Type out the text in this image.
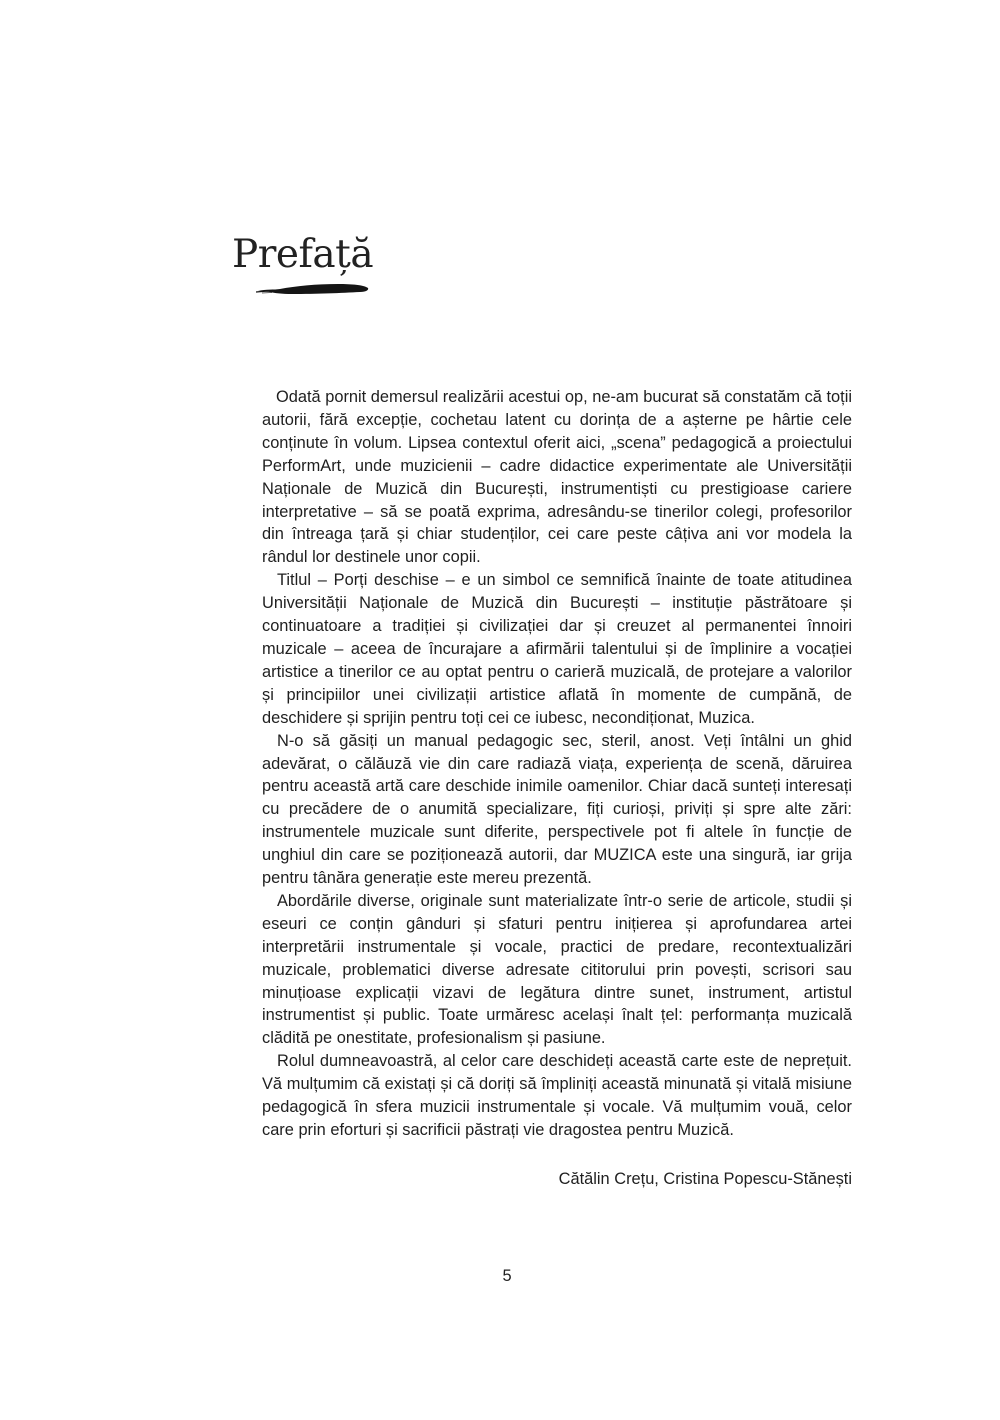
Prefață

Odată pornit demersul realizării acestui op, ne-am bucurat să constatăm că toții autorii, fără excepție, cochetau latent cu dorința de a așterne pe hârtie cele conținute în volum. Lipsea contextul oferit aici, „scena” pedagogică a proiectului PerformArt, unde muzicienii – cadre didactice experimentate ale Universității Naționale de Muzică din București, instrumentiști cu prestigioase cariere interpretative – să se poată exprima, adresându-se tinerilor colegi, profesorilor din întreaga țară și chiar studenților, cei care peste câțiva ani vor modela la rândul lor destinele unor copii.

Titlul – Porți deschise – e un simbol ce semnifică înainte de toate atitudinea Universității Naționale de Muzică din București – instituție păstrătoare și continuatoare a tradiției și civilizației dar și creuzet al permanentei înnoiri muzicale – aceea de încurajare a afirmării talentului și de împlinire a vocației artistice a tinerilor ce au optat pentru o carieră muzicală, de protejare a valorilor și principiilor unei civilizații artistice aflată în momente de cumpănă, de deschidere și sprijin pentru toți cei ce iubesc, necondiționat, Muzica.

N-o să găsiți un manual pedagogic sec, steril, anost. Veți întâlni un ghid adevărat, o călăuză vie din care radiază viața, experiența de scenă, dăruirea pentru această artă care deschide inimile oamenilor. Chiar dacă sunteți interesați cu precădere de o anumită specializare, fiți curioși, priviți și spre alte zări: instrumentele muzicale sunt diferite, perspectivele pot fi altele în funcție de unghiul din care se poziționează autorii, dar MUZICA este una singură, iar grija pentru tânăra generație este mereu prezentă.

Abordările diverse, originale sunt materializate într-o serie de articole, studii și eseuri ce conțin gânduri și sfaturi pentru inițierea și aprofundarea artei interpretării instrumentale și vocale, practici de predare, recontextualizări muzicale, problematici diverse adresate cititorului prin povești, scrisori sau minuțioase explicații vizavi de legătura dintre sunet, instrument, artistul instrumentist și public. Toate urmăresc același înalt țel: performanța muzicală clădită pe onestitate, profesionalism și pasiune.

Rolul dumneavoastră, al celor care deschideți această carte este de neprețuit. Vă mulțumim că existați și că doriți să împliniți această minunată și vitală misiune pedagogică în sfera muzicii instrumentale și vocale. Vă mulțumim vouă, celor care prin eforturi și sacrificii păstrați vie dragostea pentru Muzică.

Cătălin Crețu, Cristina Popescu-Stănești
5
